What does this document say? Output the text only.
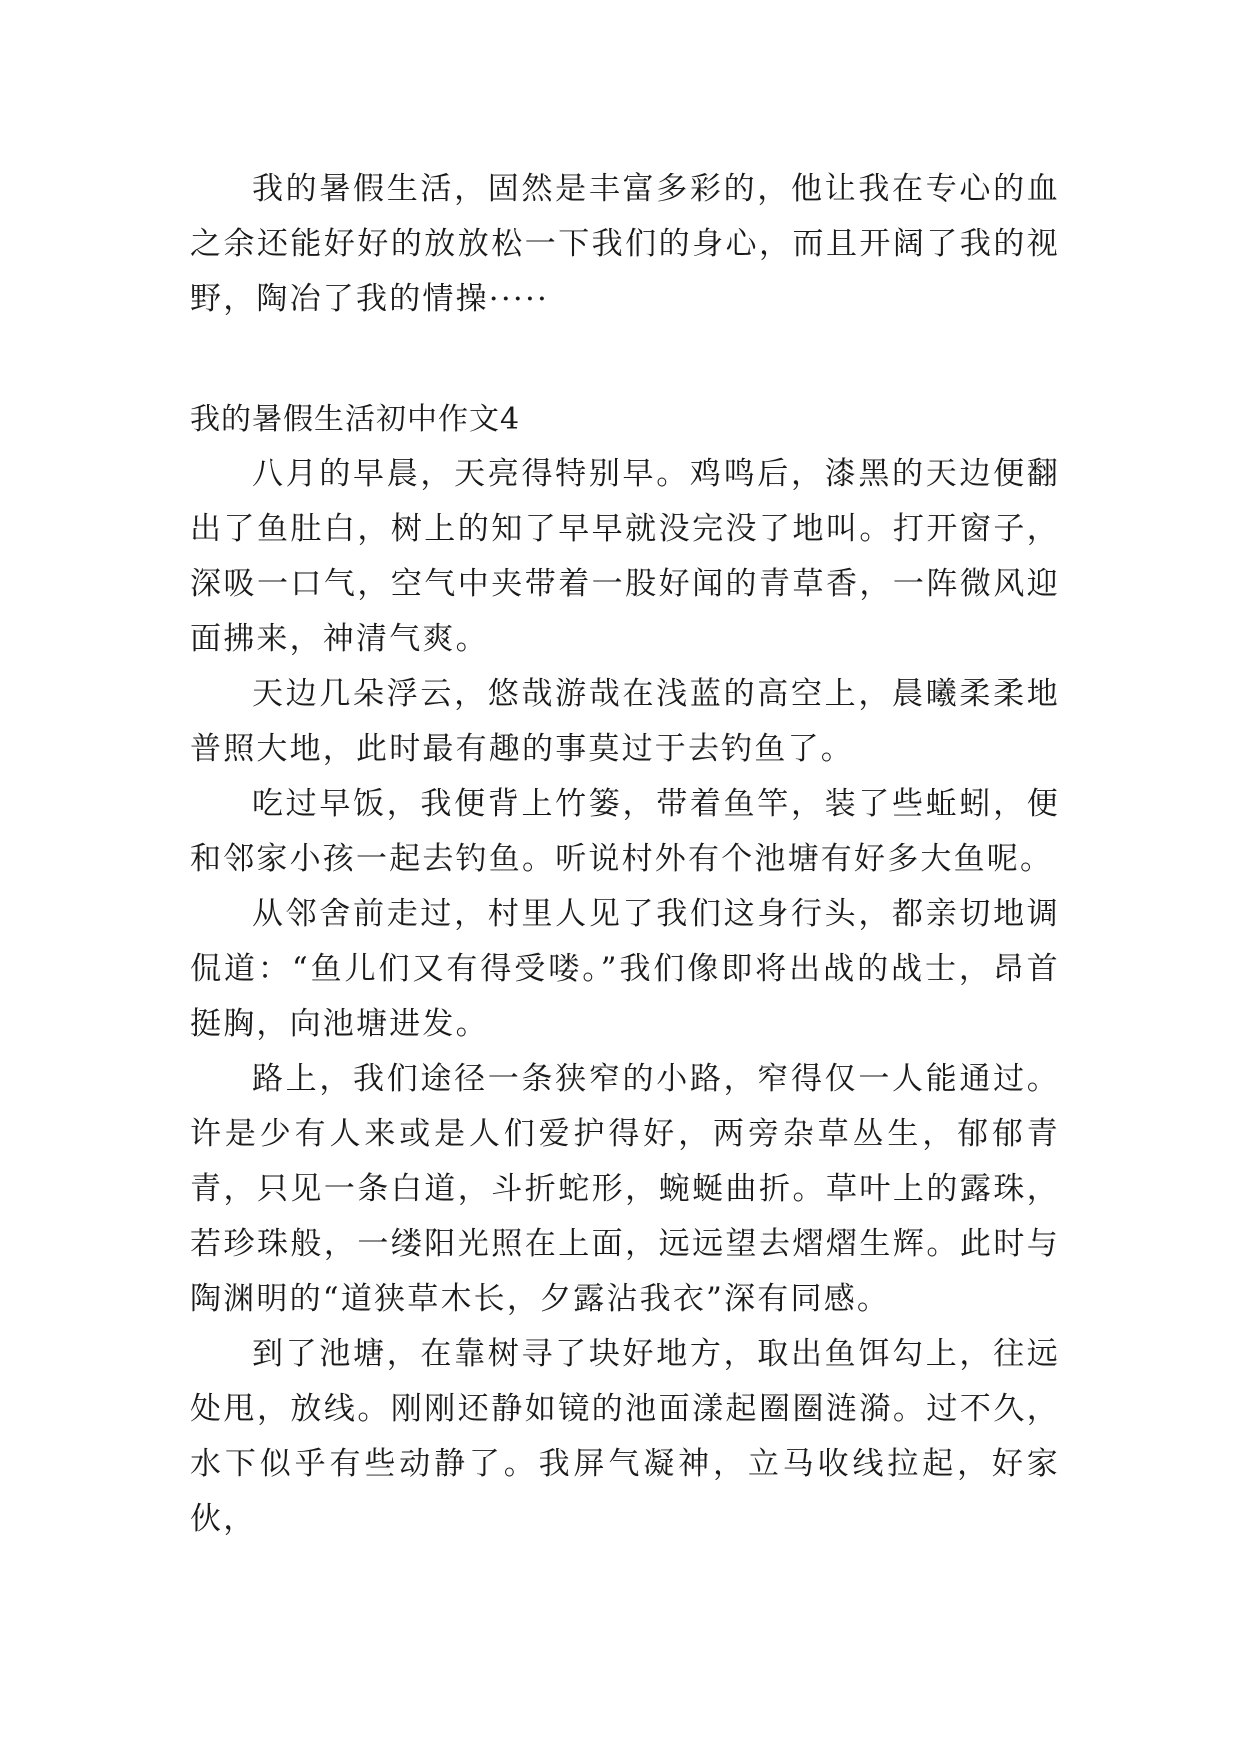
我的暑假生活，固然是丰富多彩的，他让我在专心的血之余还能好好的放放松一下我们的身心，而且开阔了我的视野，陶冶了我的情操·····

我的暑假生活初中作文4

八月的早晨，天亮得特别早。鸡鸣后，漆黑的天边便翻出了鱼肚白，树上的知了早早就没完没了地叫。打开窗子，深吸一口气，空气中夹带着一股好闻的青草香，一阵微风迎面拂来，神清气爽。

天边几朵浮云，悠哉游哉在浅蓝的高空上，晨曦柔柔地普照大地，此时最有趣的事莫过于去钓鱼了。

吃过早饭，我便背上竹篓，带着鱼竿，装了些蚯蚓，便和邻家小孩一起去钓鱼。听说村外有个池塘有好多大鱼呢。

从邻舍前走过，村里人见了我们这身行头，都亲切地调侃道：“鱼儿们又有得受喽。”我们像即将出战的战士，昂首挺胸，向池塘进发。

路上，我们途径一条狭窄的小路，窄得仅一人能通过。许是少有人来或是人们爱护得好，两旁杂草丛生，郁郁青青，只见一条白道，斗折蛇形，蜿蜒曲折。草叶上的露珠，若珍珠般，一缕阳光照在上面，远远望去熠熠生辉。此时与陶渊明的“道狭草木长，夕露沾我衣”深有同感。

到了池塘，在靠树寻了块好地方，取出鱼饵勾上，往远处甩，放线。刚刚还静如镜的池面漾起圈圈涟漪。过不久，水下似乎有些动静了。我屏气凝神，立马收线拉起，好家伙，
